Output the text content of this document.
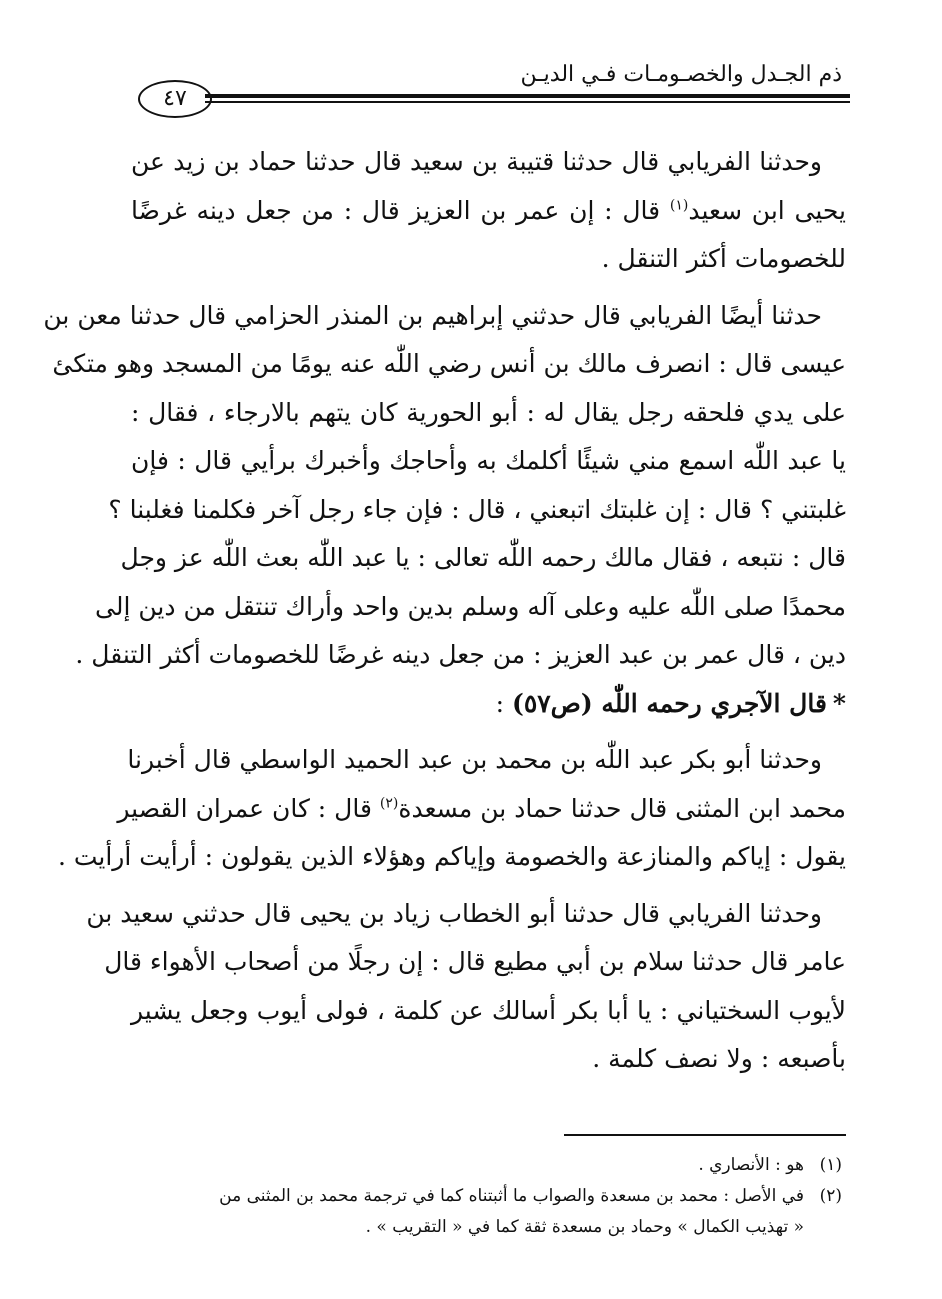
ذم الجـدل والخصـومـات فـي الديـن
٤٧
وحدثنا الفريابي قال حدثنا قتيبة بن سعيد قال حدثنا حماد بن زيد عن
يحيى ابن سعيد$^{(١)}$ قال : إن عمر بن العزيز قال : من جعل دينه غرضًا
للخصومات أكثر التنقل .
حدثنا أيضًا الفريابي قال حدثني إبراهيم بن المنذر الحزامي قال حدثنا معن بن
عيسى قال : انصرف مالك بن أنس رضي اللّٰه عنه يومًا من المسجد وهو متكئ
على يدي فلحقه رجل يقال له : أبو الحورية كان يتهم بالارجاء ، فقال :
يا عبد اللّٰه اسمع مني شيئًا أكلمك به وأحاجك وأخبرك برأيي قال : فإن
غلبتني ؟ قال : إن غلبتك اتبعني ، قال : فإن جاء رجل آخر فكلمنا فغلبنا ؟
قال : نتبعه ، فقال مالك رحمه اللّٰه تعالى : يا عبد اللّٰه بعث اللّٰه عز وجل
محمدًا صلى اللّٰه عليه وعلى آله وسلم بدين واحد وأراك تنتقل من دين إلى
دين ، قال عمر بن عبد العزيز : من جعل دينه غرضًا للخصومات أكثر التنقل .
*قال الآجري رحمه اللّٰه (ص٥٧) :
وحدثنا أبو بكر عبد اللّٰه بن محمد بن عبد الحميد الواسطي قال أخبرنا
محمد ابن المثنى قال حدثنا حماد بن مسعدة$^{(٢)}$ قال : كان عمران القصير
يقول : إياكم والمنازعة والخصومة وإياكم وهؤلاء الذين يقولون : أرأيت أرأيت .
وحدثنا الفريابي قال حدثنا أبو الخطاب زياد بن يحيى قال حدثني سعيد بن
عامر قال حدثنا سلام بن أبي مطيع قال : إن رجلًا من أصحاب الأهواء قال
لأيوب السختياني : يا أبا بكر أسالك عن كلمة ، فولى أيوب وجعل يشير
بأصبعه : ولا نصف كلمة .
(١)هو : الأنصاري .
(٢)في الأصل : محمد بن مسعدة والصواب ما أثبتناه كما في ترجمة محمد بن المثنى من
« تهذيب الكمال » وحماد بن مسعدة ثقة كما في « التقريب » .
